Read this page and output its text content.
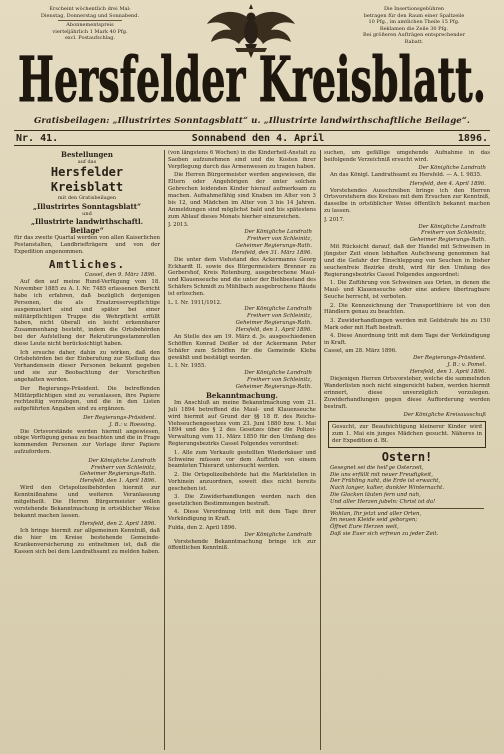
Erscheint wöchentlich drei Mal:
Dienstag, Donnerstag und Sonnabend.
Abonnementspreis
vierteljährlich 1 Mark 40 Pfg.
excl. Postaufschlag.
Die Insertionsgebühren
betragen für den Raum einer Spaltzeile
10 Pfg., im amtlichen Theile 15 Pfg.
Reklamen die Zeile 30 Pfg.
Bei größeren Aufträgen entsprechender
Rabatt.
Hersfelder Kreisblatt.
Gratisbeilagen: „Illustrirtes Sonntagsblatt“ u. „Illustrirte landwirthschaftliche Beilage“.
Nr. 41.	Sonnabend den 4. April	1896.
Bestellungen
auf das
Hersfelder Kreisblatt
mit den Gratisbeilagen
„Illustrirtes Sonntagsblatt“
und
„Illustrirte landwirthschaftl. Beilage“

für das zweite Quartal werden von allen Kaiserlichen Postanstalten, Landbriefträgern und von der Expedition angenommen.

Amtliches.
Cassel, den 9. März 1896.

Auf den auf meine Rund-Verfügung vom 18. November 1885 zu A. I. Nr. 7485 erlassenen Bericht habe ich erfahren, daß bezüglich derjenigen Personen, die als Ersatzreservepflichtige ausgemustert sind und später bei einer militärpflichtigen Truppe die Wehrpflicht erfüllt haben, nicht überall ein leicht erkennbarer Zusammenhang besteht, indem die Ortsbehörden bei der Aufstellung der Rekrutirungsstammrollen diese Leute nicht berücksichtigt haben.

Ich ersuche daher, dahin zu wirken, daß den Ortsbehörden bei der Einberufung zur Stellung das Vorhandensein dieser Personen bekannt gegeben und sie zur Beobachtung der Vorschriften angehalten werden.

Der Regierungs-Präsident. Die betreffenden Militärpflichtigen sind zu veranlassen, ihre Papiere rechtzeitig vorzulegen, und die in den Listen aufgeführten Angaben sind zu ergänzen.

Der Regierungs-Präsident.
J. B.: v. Roessing.

Die Ortsvorstände werden hiermit angewiesen, obige Verfügung genau zu beachten und die in Frage kommenden Personen zur Vorlage ihrer Papiere aufzufordern.

Der Königliche Landrath
Freiherr von Schleinitz,
Geheimer Regierungs-Rath.
Hersfeld, den 1. April 1896.

Wird den Ortspolizeibehörden hiermit zur Kenntnißnahme und weiteren Veranlassung mitgetheilt. Die Herren Bürgermeister wollen vorstehende Bekanntmachung in ortsüblicher Weise bekannt machen lassen.

Hersfeld, den 2. April 1896.

Ich bringe hiermit zur allgemeinen Kenntniß, daß die hier im Kreise bestehende Gemeinde-Krankenversicherung zu entnehmen ist, daß die Kassen sich bei dem Landrathsamt zu melden haben.

(von längstens 6 Wochen) in die Kinderheil-Anstalt zu Saoben aufzunehmen sind und die Kosten ihrer Verpflegung durch das Armenwesen zu tragen haben.

Die Herren Bürgermeister werden angewiesen, die Eltern oder Angehörigen der unter solchen Gebrechen leidenden Kinder hierauf aufmerksam zu machen. Aufnahmefähig sind Knaben im Alter von 3 bis 12, und Mädchen im Alter von 3 bis 14 Jahren. Anmeldungen sind möglichst bald und bis spätestens zum Ablauf dieses Monats hierher einzureichen.

J. 2013.
Der Königliche Landrath
Freiherr von Schleinitz,
Geheimer Regierungs-Rath.
Hersfeld, den 31. März 1896.

Die unter dem Viehstand des Ackermanns Georg Eckhardt II. sowie des Bürgermeisters Brenner zu Gerbershof, Kreis Rotenburg, ausgebrochene Maul- und Klauenseuche und die unter der Biehbestand des Schäfers Schmidt zu Mühlbach ausgebrochene Räude ist erloschen.

L. I. Nr. 1911/1912.
Der Königliche Landrath
Freiherr von Schleinitz,
Geheimer Regierungs-Rath.
Hersfeld, den 1. April 1896.

An Stelle des am 19. März d. Js. ausgeschiedenen Schöffen Konrad Deißer ist der Ackermann Peter Schäfer zum Schöffen für die Gemeinde Kleba gewählt und bestätigt worden.

L. I. Nr. 1955.
Der Königliche Landrath
Freiherr von Schleinitz,
Geheimer Regierungs-Rath.
Bekanntmachung.

Im Anschluß an meine Bekanntmachung vom 21. Juli 1894 betreffend die Maul- und Klauenseuche wird hiermit auf Grund der §§ 18 ff. des Reichs-Viehseuchengesetzes vom 23. Juni 1880 bzw. 1. Mai 1894 und des § 2 des Gesetzes über die Polizei-Verwaltung vom 11. März 1850 für den Umfang des Regierungsbezirks Cassel Folgendes verordnet:

1. Alle zum Verkaufe gestellten Wiederkäuer und Schweine müssen vor dem Auftrieb von einem beamteten Thierarzt untersucht werden.

2. Die Ortspolizeibehörde hat die Marktstellen in Vorhinein anzuordnen, soweit dies nicht bereits geschehen ist.

3. Die Zuwiderhandlungen werden nach den gesetzlichen Bestimmungen bestraft.

4. Diese Verordnung tritt mit dem Tage ihrer Verkündigung in Kraft.

Fulda, den 2. April 1896.
Der Königliche Landrath

Vorstehende Bekanntmachung bringe ich zur öffentlichen Kenntniß.

suchen, um gefällige umgehende Aufnahme in das beifolgende Verzeichniß ersucht wird.

Der Königliche Landrath

An das Königl. Landrathsamt zu Hersfeld. — A. I. 9835.

Hersfeld, den 4. April 1896.

Vorstehendes Ausschreiben bringe ich den Herren Ortsvorstehern des Kreises mit dem Ersuchen zur Kenntniß, dasselbe in ortsüblicher Weise öffentlich bekannt machen zu lassen.

J. 2017.
Der Königliche Landrath
Freiherr von Schleinitz,
Geheimer Regierungs-Rath.

Mit Rücksicht darauf, daß der Handel mit Schweinen in jüngster Zeit einen lebhaften Aufschwung genommen hat und die Gefahr der Einschleppung von Seuchen in bisher seuchenfreie Bezirke droht, wird für den Umfang des Regierungsbezirks Cassel Folgendes angeordnet:

1. Die Zuführung von Schweinen aus Orten, in denen die Maul- und Klauenseuche oder eine andere übertragbare Seuche herrscht, ist verboten.

2. Die Kennzeichnung der Transportthiere ist von den Händlern genau zu beachten.

3. Zuwiderhandlungen werden mit Geldstrafe bis zu 150 Mark oder mit Haft bestraft.

4. Diese Anordnung tritt mit dem Tage der Verkündigung in Kraft.

Cassel, am 28. März 1896.
Der Regierungs-Präsident.
J. B.: v. Pomel.
Hersfeld, den 1. April 1896.

Diejenigen Herren Ortsvorsteher, welche die sammelnden Wanderlisten noch nicht eingereicht haben, werden hiermit erinnert, diese unverzüglich vorzulegen. Zuwiderhandlungen gegen diese Aufforderung werden bestraft.

Der Königliche Kreisausschuß
Gesucht, zur Beaufsichtigung kleinerer Kinder wird zum 1. Mai ein junges Mädchen gesucht. Näheres in der Expedition d. Bl.
Ostern!
Gesegnet sei die heil'ge Osterzeit,
Die uns erfüllt mit neuer Freudigkeit,
Der Frühling naht, die Erde ist erwacht,
Nach langer, kalter, dunkler Winternacht.
Die Glocken läuten fern und nah,
Und aller Herzen jubeln: Christ ist da!
Wohlan, Ihr jetzt und aller Orten,
Im neuen Kleide seid geborgen;
Öffnet Eure Herzen weit,
Daß sie Euer sich erfreun zu jeder Zeit.
